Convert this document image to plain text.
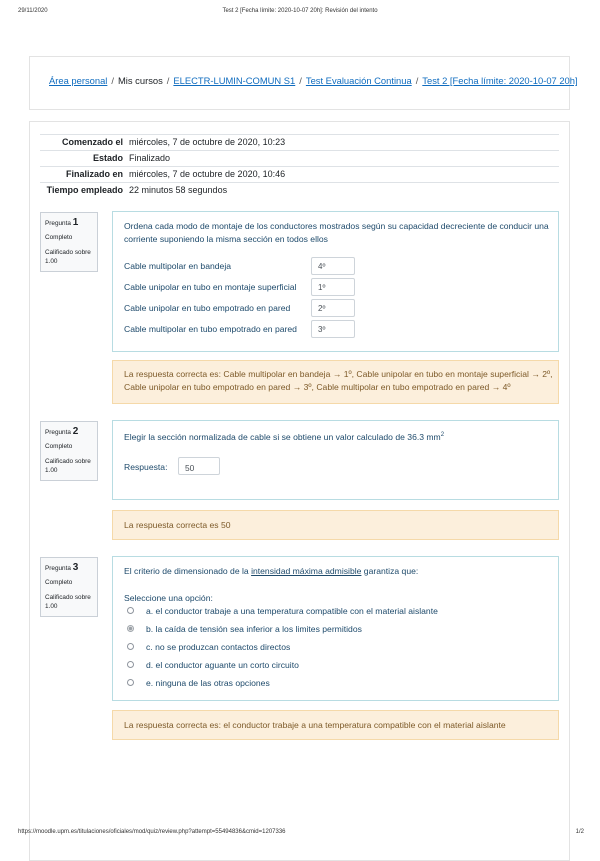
29/11/2020	Test 2 [Fecha límite: 2020-10-07 20h]: Revisión del intento
Área personal / Mis cursos / ELECTR-LUMIN-COMUN S1 / Test Evaluación Continua / Test 2 [Fecha límite: 2020-10-07 20h]
Comenzado el	miércoles, 7 de octubre de 2020, 10:23
Estado	Finalizado
Finalizado en	miércoles, 7 de octubre de 2020, 10:46
Tiempo empleado	22 minutos 58 segundos
Pregunta 1
Completo
Calificado sobre 1.00
Ordena cada modo de montaje de los conductores mostrados según su capacidad decreciente de conducir una corriente suponiendo la misma sección en todos ellos
Cable multipolar en bandeja	4º
Cable unipolar en tubo en montaje superficial	1º
Cable unipolar en tubo empotrado en pared	2º
Cable multipolar en tubo empotrado en pared	3º
La respuesta correcta es: Cable multipolar en bandeja → 1º, Cable unipolar en tubo en montaje superficial → 2º, Cable unipolar en tubo empotrado en pared → 3º, Cable multipolar en tubo empotrado en pared → 4º
Pregunta 2
Completo
Calificado sobre 1.00
Elegir la sección normalizada de cable si se obtiene un valor calculado de 36.3 $mm^2$
Respuesta:	50
La respuesta correcta es 50
Pregunta 3
Completo
Calificado sobre 1.00
El criterio de dimensionado de la intensidad máxima admisible garantiza que:
Seleccione una opción:
a. el conductor trabaje a una temperatura compatible con el material aislante
b. la caída de tensión sea inferior a los limites permitidos
c. no se produzcan contactos directos
d. el conductor aguante un corto circuito
e. ninguna de las otras opciones
La respuesta correcta es: el conductor trabaje a una temperatura compatible con el material aislante
https://moodle.upm.es/titulaciones/oficiales/mod/quiz/review.php?attempt=55494836&cmid=1207336	1/2
